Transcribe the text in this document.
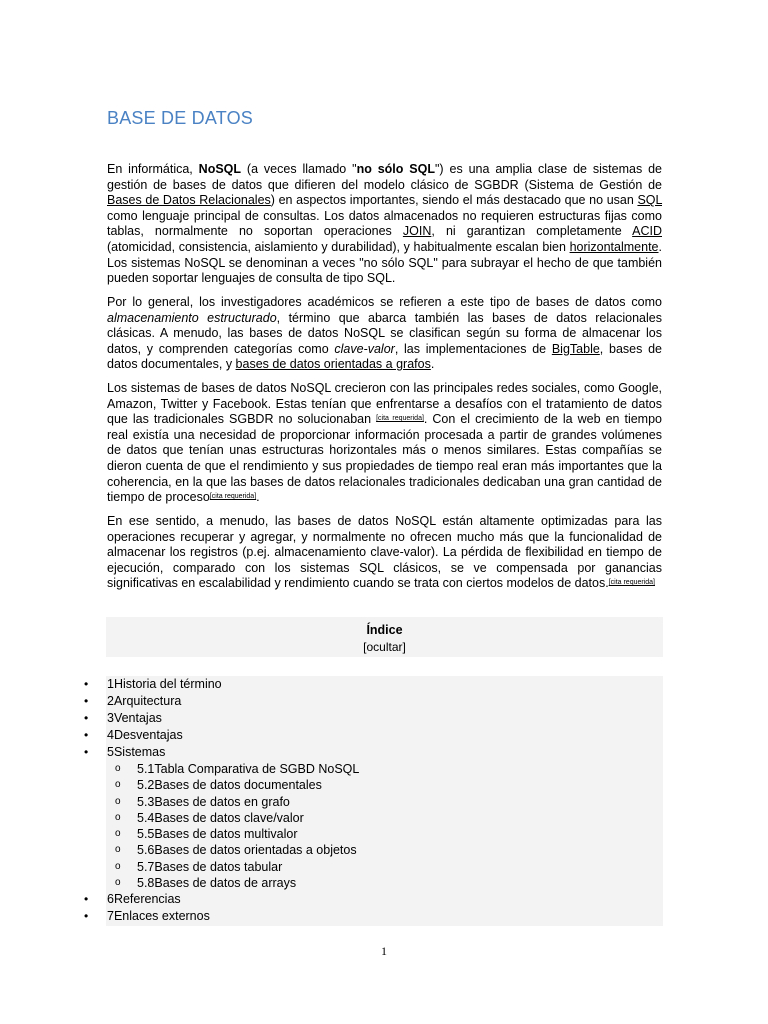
BASE DE DATOS

En informática, NoSQL (a veces llamado "no sólo SQL") es una amplia clase de sistemas de gestión de bases de datos que difieren del modelo clásico de SGBDR (Sistema de Gestión de Bases de Datos Relacionales) en aspectos importantes, siendo el más destacado que no usan SQL como lenguaje principal de consultas. Los datos almacenados no requieren estructuras fijas como tablas, normalmente no soportan operaciones JOIN, ni garantizan completamente ACID (atomicidad, consistencia, aislamiento y durabilidad), y habitualmente escalan bien horizontalmente. Los sistemas NoSQL se denominan a veces "no sólo SQL" para subrayar el hecho de que también pueden soportar lenguajes de consulta de tipo SQL.

Por lo general, los investigadores académicos se refieren a este tipo de bases de datos como almacenamiento estructurado, término que abarca también las bases de datos relacionales clásicas. A menudo, las bases de datos NoSQL se clasifican según su forma de almacenar los datos, y comprenden categorías como clave-valor, las implementaciones de BigTable, bases de datos documentales, y bases de datos orientadas a grafos.

Los sistemas de bases de datos NoSQL crecieron con las principales redes sociales, como Google, Amazon, Twitter y Facebook. Estas tenían que enfrentarse a desafíos con el tratamiento de datos que las tradicionales SGBDR no solucionaban [cita requerida]. Con el crecimiento de la web en tiempo real existía una necesidad de proporcionar información procesada a partir de grandes volúmenes de datos que tenían unas estructuras horizontales más o menos similares. Estas compañías se dieron cuenta de que el rendimiento y sus propiedades de tiempo real eran más importantes que la coherencia, en la que las bases de datos relacionales tradicionales dedicaban una gran cantidad de tiempo de proceso[cita requerida].

En ese sentido, a menudo, las bases de datos NoSQL están altamente optimizadas para las operaciones recuperar y agregar, y normalmente no ofrecen mucho más que la funcionalidad de almacenar los registros (p.ej. almacenamiento clave-valor). La pérdida de flexibilidad en tiempo de ejecución, comparado con los sistemas SQL clásicos, se ve compensada por ganancias significativas en escalabilidad y rendimiento cuando se trata con ciertos modelos de datos.[cita requerida]

Índice
[ocultar]
• 1Historia del término
• 2Arquitectura
• 3Ventajas
• 4Desventajas
• 5Sistemas
o 5.1Tabla Comparativa de SGBD NoSQL
o 5.2Bases de datos documentales
o 5.3Bases de datos en grafo
o 5.4Bases de datos clave/valor
o 5.5Bases de datos multivalor
o 5.6Bases de datos orientadas a objetos
o 5.7Bases de datos tabular
o 5.8Bases de datos de arrays
• 6Referencias
• 7Enlaces externos
1
